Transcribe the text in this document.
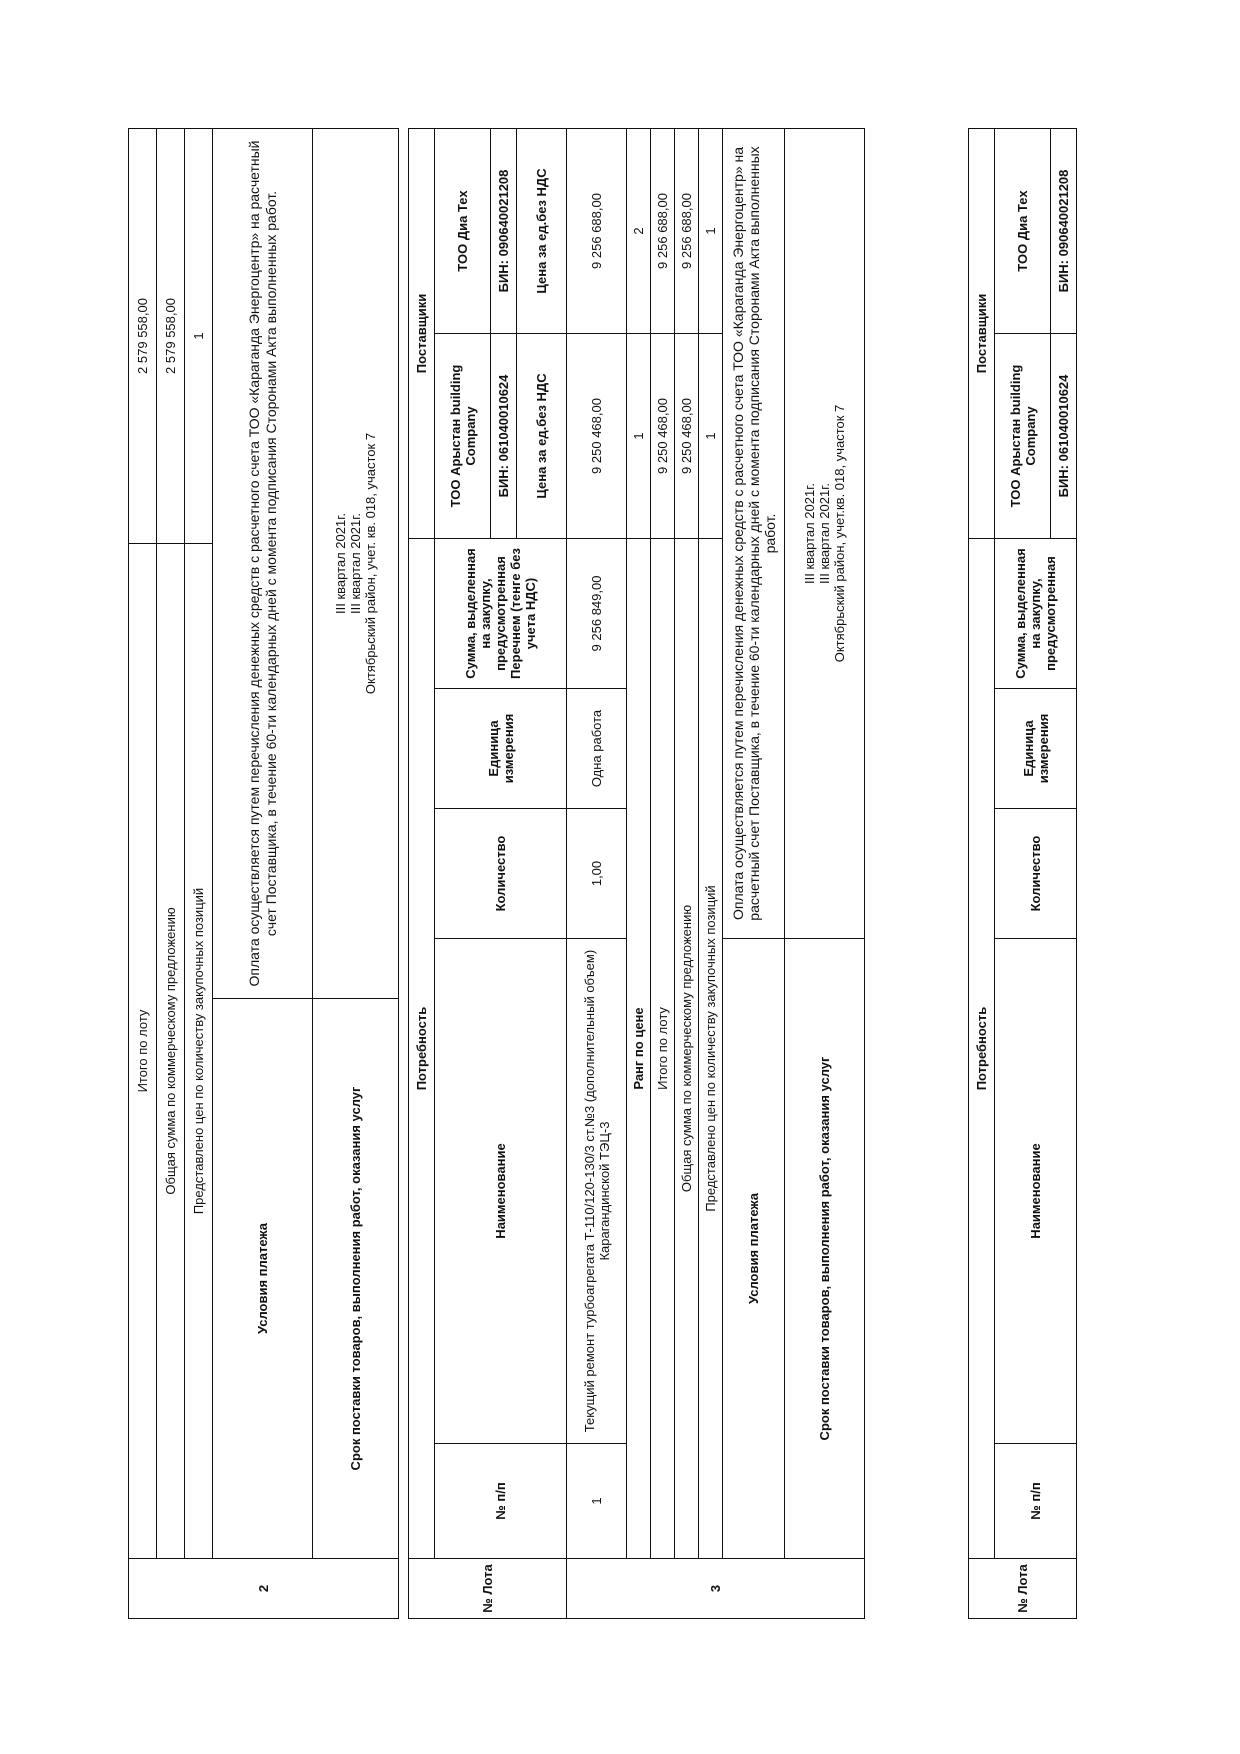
2	Итого по лоту		2 579 558,00
	Общая сумма по коммерческому предложению		2 579 558,00
	Представлено цен по количеству закупочных позиций		1
	Условия платежа	Оплата осуществляется путем перечисления денежных средств с расчетного счета ТОО «Караганда Энергоцентр» на расчетный счет Поставщика, в течение 60-ти календарных дней с момента подписания Сторонами Акта выполненных работ.	
	Срок поставки товаров, выполнения работ, оказания услуг	III квартал 2021г. III квартал 2021г. Октябрьский район, учет. кв. 018, участок 7	
№ Лота	Потребность					Поставщики	
	№ п/п	Наименование	Количество	Единица измерения	Сумма, выделенная на закупку, предусмотренная Перечнем (тенге без учета НДС)	ТОО Арыстан building Company	ТОО Диа Тех
						БИН: 061040010624	БИН: 090640021208
						Цена за ед.без НДС	Цена за ед.без НДС
3	1	Текущий ремонт турбоагрегата Т-110/120-130/3 ст.№3 (дополнительный объем) Карагандинской ТЭЦ-3	1,00	Одна работа	9 256 849,00	9 250 468,00	9 256 688,00
	Ранг по цене					1	2
	Итого по лоту					9 250 468,00	9 256 688,00
	Общая сумма по коммерческому предложению					9 250 468,00	9 256 688,00
	Представлено цен по количеству закупочных позиций					1	1
	Условия платежа		Оплата осуществляется путем перечисления денежных средств с расчетного счета ТОО «Караганда Энергоцентр» на расчетный счет Поставщика, в течение 60-ти календарных дней с момента подписания Сторонами Акта выполненных работ.				
	Срок поставки товаров, выполнения работ, оказания услуг		III квартал 2021г. III квартал 2021г. Октябрьский район, учет.кв. 018, участок 7				
№ Лота	Потребность					Поставщики	
	№ п/п	Наименование	Количество	Единица измерения	Сумма, выделенная на закупку, предусмотренная	ТОО Арыстан building Company	ТОО Диа Тех
						БИН: 061040010624	БИН: 090640021208
